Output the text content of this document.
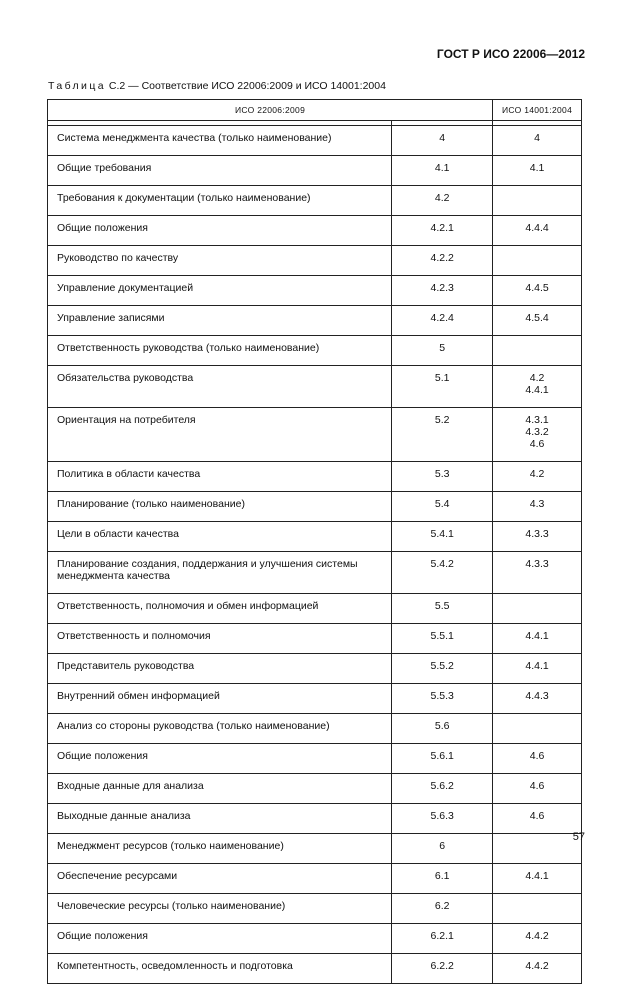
ГОСТ Р ИСО 22006—2012
Таблица С.2 — Соответствие ИСО 22006:2009 и ИСО 14001:2004
ИСО 22006:2009		ИСО 14001:2004

Система менеджмента качества (только наименование)	4	4

Общие требования	4.1	4.1

Требования к документации (только наименование)	4.2	
Общие положения	4.2.1	4.4.4

Руководство по качеству	4.2.2	
Управление документацией	4.2.3	4.4.5

Управление записями	4.2.4	4.5.4

Ответственность руководства (только наименование)	5	
Обязательства руководства	5.1	4.2
4.4.1

Ориентация на потребителя	5.2	4.3.1
4.3.2
4.6

Политика в области качества	5.3	4.2

Планирование (только наименование)	5.4	4.3

Цели в области качества	5.4.1	4.3.3

Планирование создания, поддержания и улучшения системы менеджмента качества	5.4.2	4.3.3

Ответственность, полномочия и обмен информацией	5.5	
Ответственность и полномочия	5.5.1	4.4.1

Представитель руководства	5.5.2	4.4.1

Внутренний обмен информацией	5.5.3	4.4.3

Анализ со стороны руководства (только наименование)	5.6	
Общие положения	5.6.1	4.6

Входные данные для анализа	5.6.2	4.6

Выходные данные анализа	5.6.3	4.6

Менеджмент ресурсов (только наименование)	6	
Обеспечение ресурсами	6.1	4.4.1

Человеческие ресурсы (только наименование)	6.2	
Общие положения	6.2.1	4.4.2

Компетентность, осведомленность и подготовка	6.2.2	4.4.2
57
